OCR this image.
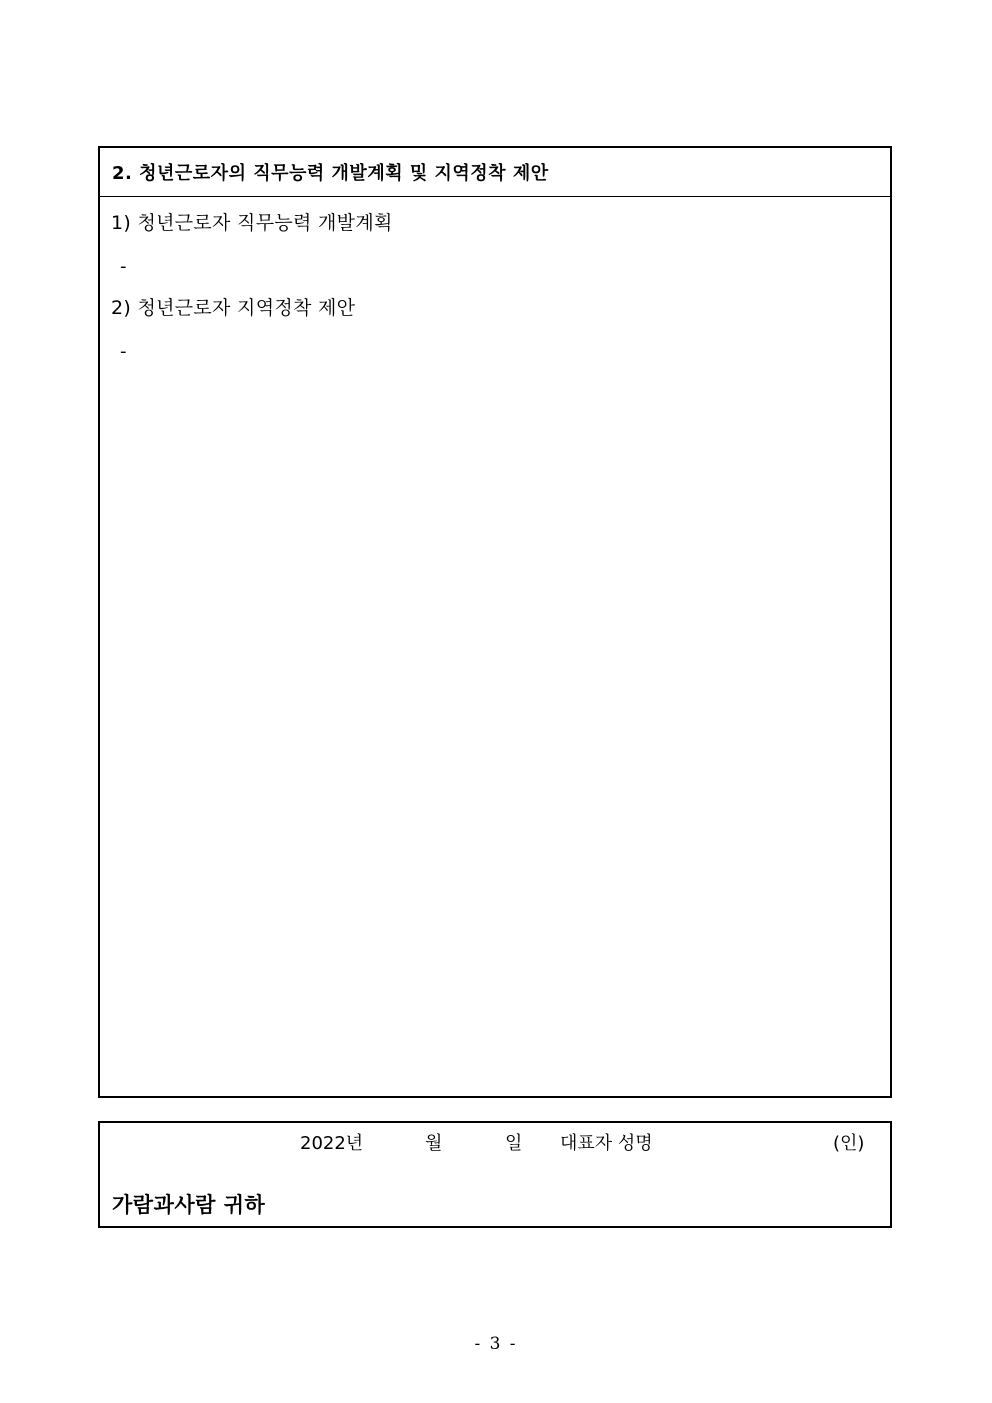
2. 청년근로자의 직무능력 개발계획 및 지역정착 제안
1) 청년근로자 직무능력 개발계획
-
2) 청년근로자 지역정착 제안
-
2022년	월	일 대표자 성명	(인)
가람과사람 귀하
- 3 -
